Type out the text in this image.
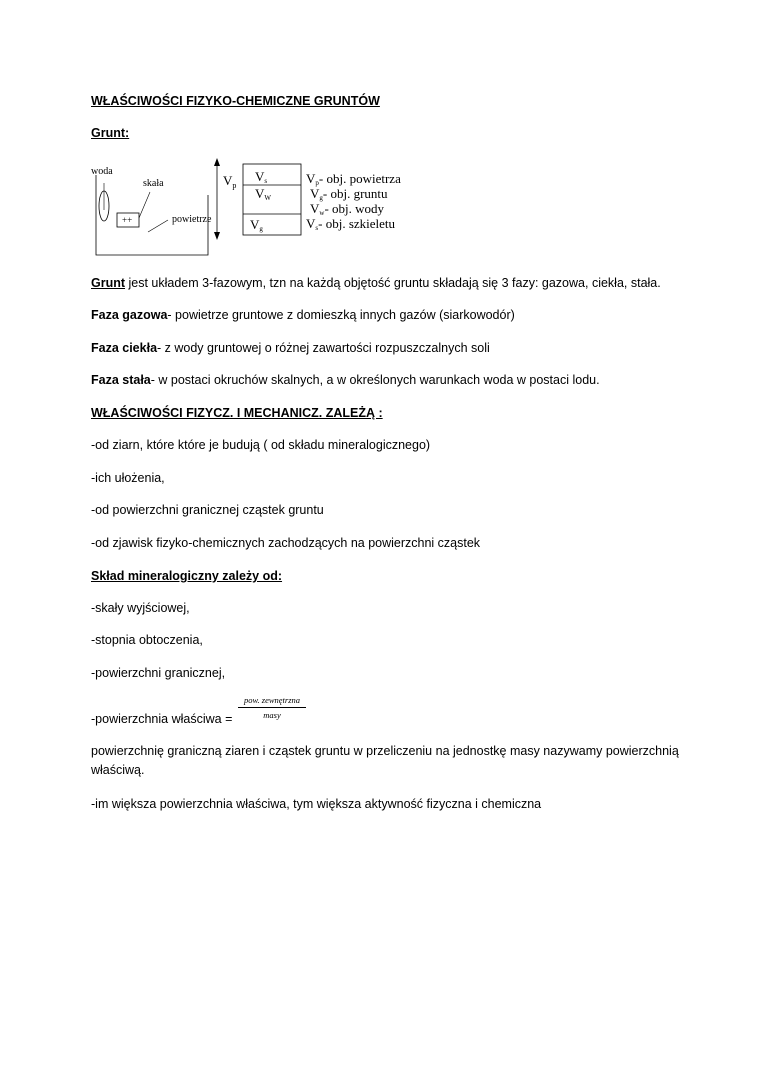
WŁAŚCIWOŚCI FIZYKO-CHEMICZNE GRUNTÓW
Grunt:
woda
skała
++	powietrze
$V_p$
Vs
VW
Vg
Vp- obj. powietrza
Vg- obj. gruntu
Vw- obj. wody
Vs- obj. szkieletu
Grunt jest układem 3-fazowym, tzn na każdą objętość gruntu składają się 3 fazy: gazowa, ciekła, stała.
Faza gazowa- powietrze gruntowe z domieszką innych gazów (siarkowodór)
Faza ciekła- z wody gruntowej o różnej zawartości rozpuszczalnych soli
Faza stała- w postaci okruchów skalnych, a w określonych warunkach woda w postaci lodu.
WŁAŚCIWOŚCI FIZYCZ. I MECHANICZ. ZALEŻĄ :
-od ziarn, które które je budują ( od składu mineralogicznego)
-ich ułożenia,
-od powierzchni granicznej cząstek gruntu
-od zjawisk fizyko-chemicznych zachodzących na powierzchni cząstek
Skład mineralogiczny zależy od:
-skały wyjściowej,
-stopnia obtoczenia,
-powierzchni granicznej,
-powierzchnia właściwa =
pow. zewnętrzna
masy
powierzchnię graniczną ziaren i cząstek gruntu w przeliczeniu na jednostkę masy nazywamy powierzchnią właściwą.
-im większa powierzchnia właściwa, tym większa aktywność fizyczna i chemiczna
